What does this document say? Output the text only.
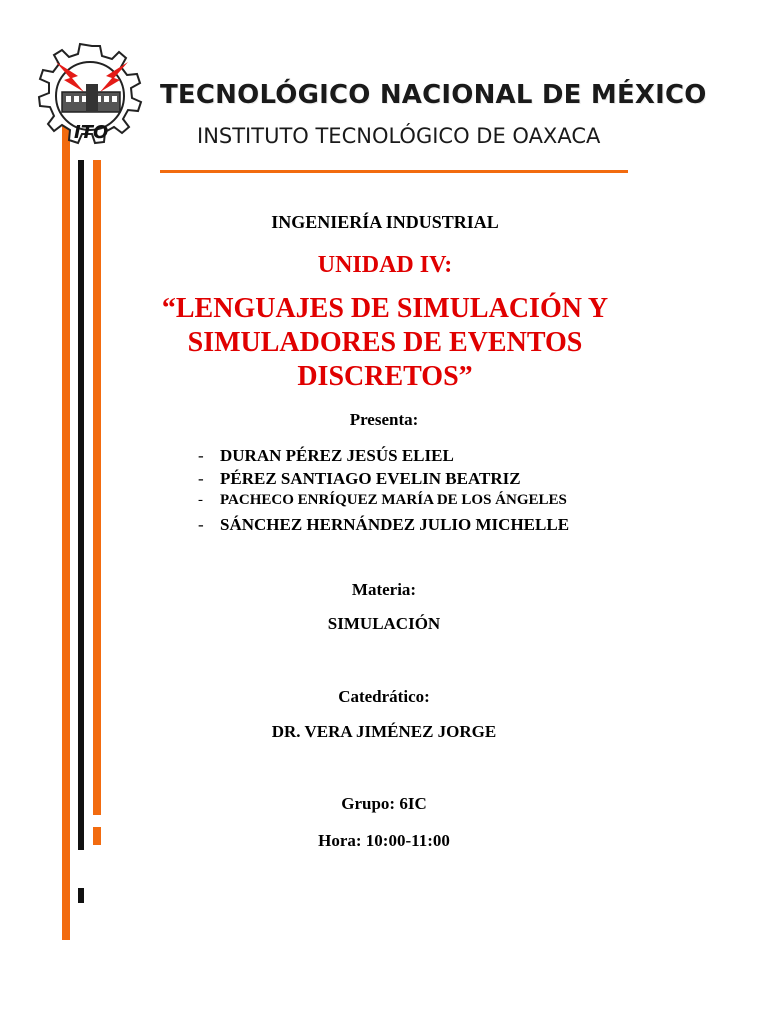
ITO
TECNOLÓGICO NACIONAL DE MÉXICO
INSTITUTO TECNOLÓGICO DE OAXACA
INGENIERÍA INDUSTRIAL
UNIDAD IV:
“LENGUAJES DE SIMULACIÓN Y
SIMULADORES DE EVENTOS
DISCRETOS”
Presenta:
- DURAN PÉREZ JESÚS ELIEL
- PÉREZ SANTIAGO EVELIN BEATRIZ
-	PACHECO ENRÍQUEZ MARÍA DE LOS ÁNGELES
- SÁNCHEZ HERNÁNDEZ JULIO MICHELLE
Materia:
SIMULACIÓN
Catedrático:
DR. VERA JIMÉNEZ JORGE
Grupo: 6IC
Hora: 10:00-11:00
